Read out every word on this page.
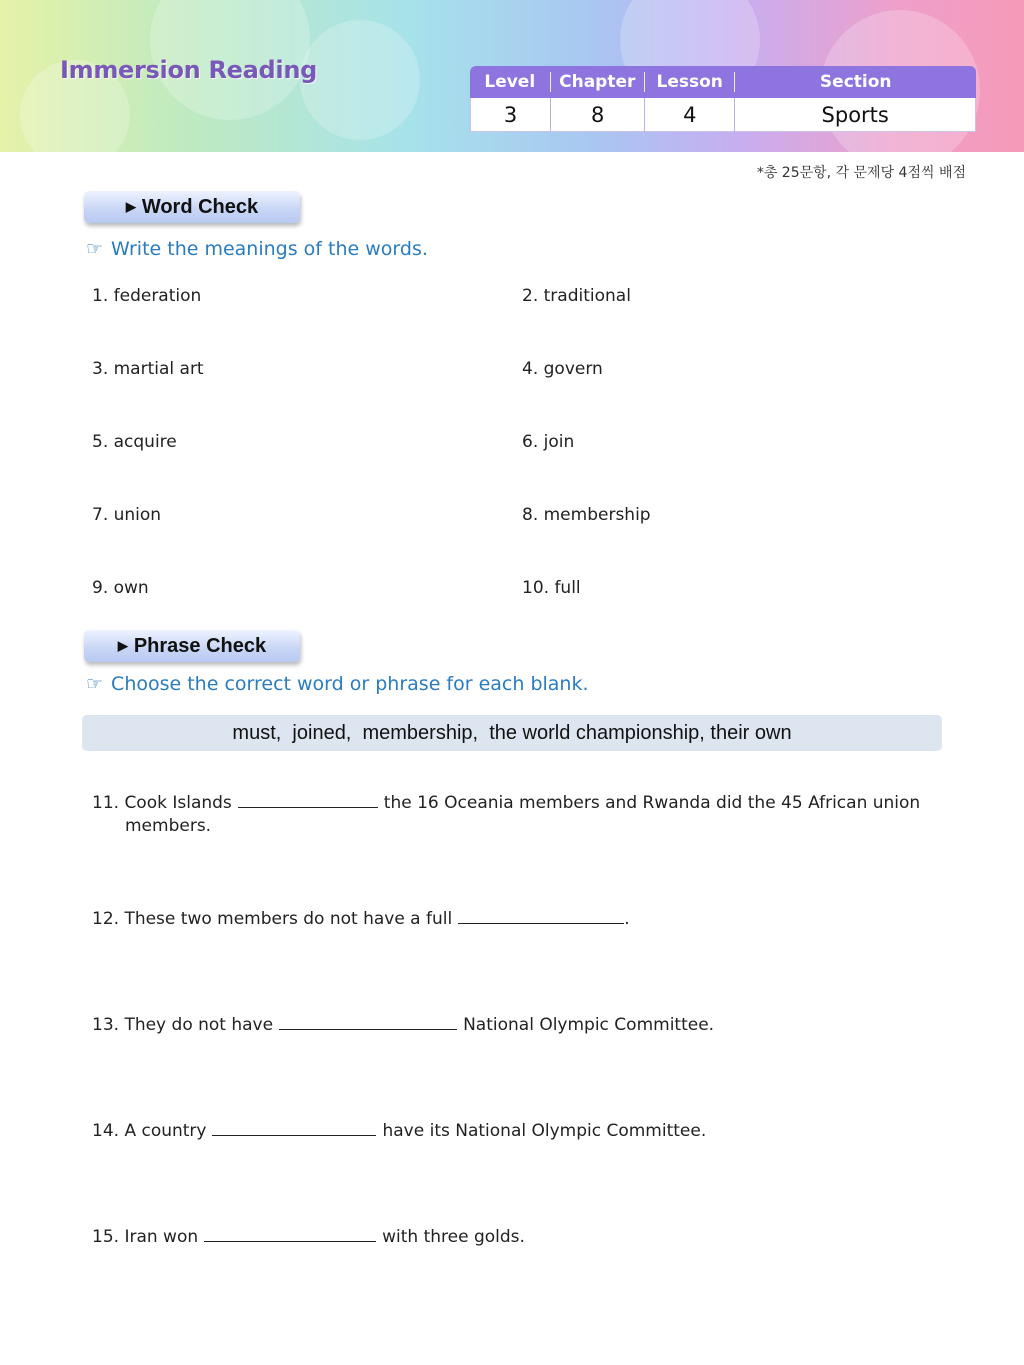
Immersion Reading	Level	Chapter	Lesson	Section
3	8	4	Sports
*총 25문항, 각 문제당 4점씩 배점
▶ Word Check
☞ Write the meanings of the words.
1. federation	2. traditional
3. martial art	4. govern
5. acquire	6. join
7. union	8. membership
9. own	10. full
▶ Phrase Check
☞ Choose the correct word or phrase for each blank.
must,  joined,  membership,  the world championship, their own
11. Cook Islands	the 16 Oceania members and Rwanda did the 45 African union
members.
12. These two members do not have a full	.
13. They do not have	National Olympic Committee.
14. A country	have its National Olympic Committee.
15. Iran won	with three golds.
